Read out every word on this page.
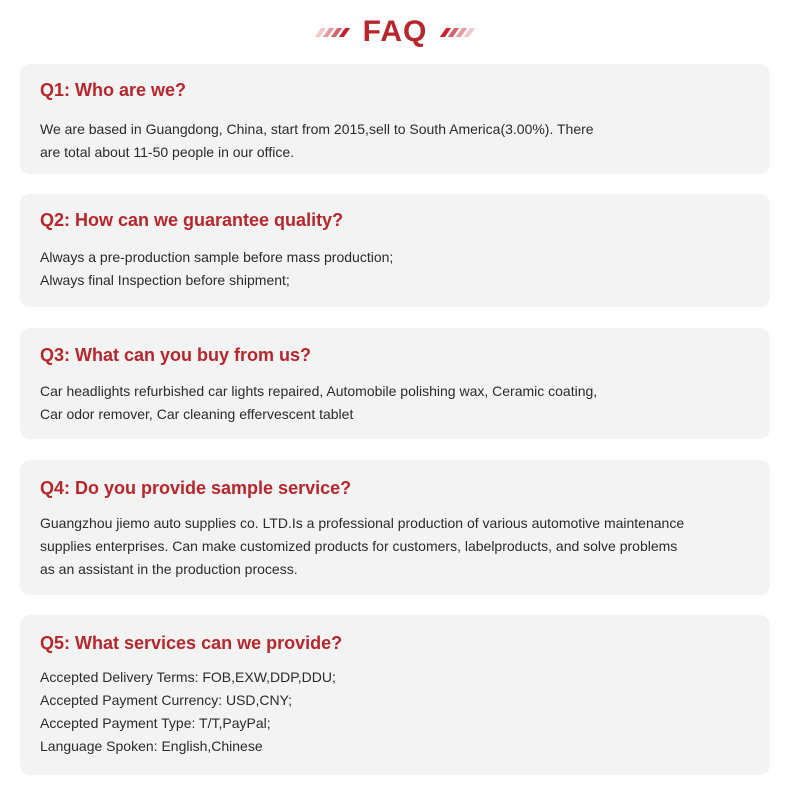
FAQ
Q1: Who are we?
We are based in Guangdong, China, start from 2015,sell to South America(3.00%). There
are total about 11-50 people in our office.
Q2: How can we guarantee quality?
Always a pre-production sample before mass production;
Always final Inspection before shipment;
Q3: What can you buy from us?
Car headlights refurbished car lights repaired, Automobile polishing wax, Ceramic coating,
Car odor remover, Car cleaning effervescent tablet
Q4: Do you provide sample service?
Guangzhou jiemo auto supplies co. LTD.Is a professional production of various automotive maintenance
supplies enterprises. Can make customized products for customers, labelproducts, and solve problems
as an assistant in the production process.
Q5: What services can we provide?
Accepted Delivery Terms: FOB,EXW,DDP,DDU;
Accepted Payment Currency: USD,CNY;
Accepted Payment Type: T/T,PayPal;
Language Spoken: English,Chinese
